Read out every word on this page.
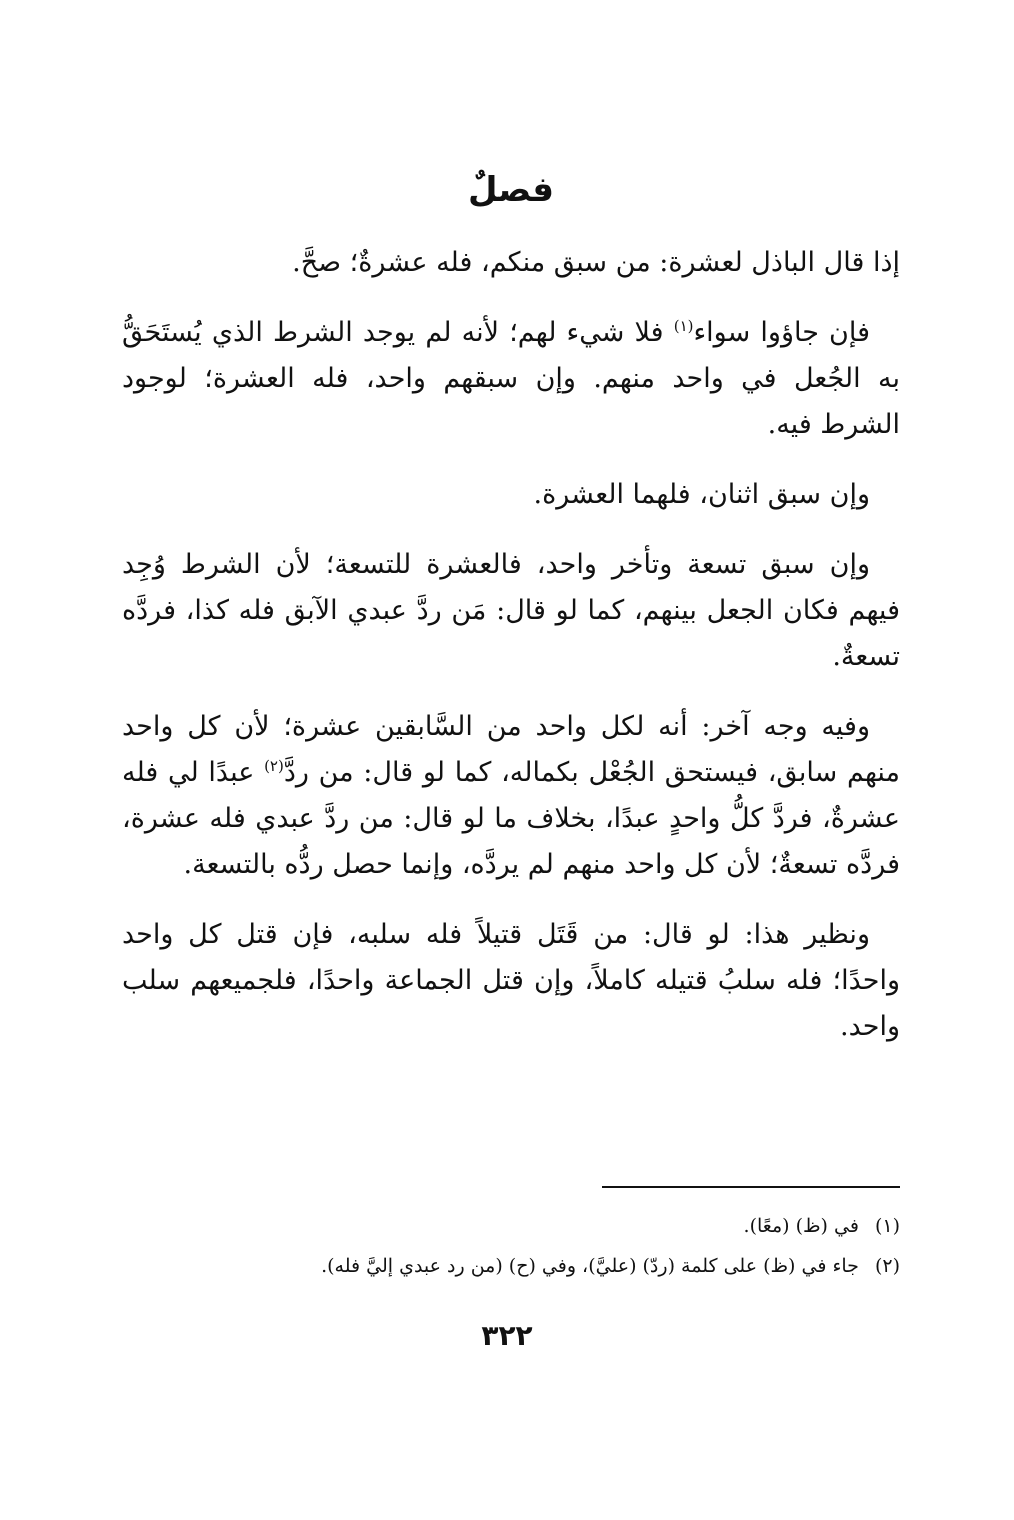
فصلٌ

إذا قال الباذل لعشرة: من سبق منكم، فله عشرةٌ؛ صحَّ.

فإن جاؤوا سواء$^{(١)}$ فلا شيء لهم؛ لأنه لم يوجد الشرط الذي يُستَحَقُّ به الجُعل في واحد منهم. وإن سبقهم واحد، فله العشرة؛ لوجود الشرط فيه.

وإن سبق اثنان، فلهما العشرة.

وإن سبق تسعة وتأخر واحد، فالعشرة للتسعة؛ لأن الشرط وُجِد فيهم فكان الجعل بينهم، كما لو قال: مَن ردَّ عبدي الآبق فله كذا، فردَّه تسعةٌ.

وفيه وجه آخر: أنه لكل واحد من السَّابقين عشرة؛ لأن كل واحد منهم سابق، فيستحق الجُعْل بكماله، كما لو قال: من ردَّ$^{(٢)}$ عبدًا لي فله عشرةٌ، فردَّ كلُّ واحدٍ عبدًا، بخلاف ما لو قال: من ردَّ عبدي فله عشرة، فردَّه تسعةٌ؛ لأن كل واحد منهم لم يردَّه، وإنما حصل ردُّه بالتسعة.

ونظير هذا: لو قال: من قَتَل قتيلاً فله سلبه، فإن قتل كل واحد واحدًا؛ فله سلبُ قتيله كاملاً، وإن قتل الجماعة واحدًا، فلجميعهم سلب واحد.

(١)في (ظ) (معًا).
(٢)جاء في (ظ) على كلمة (ردّ) (عليَّ)، وفي (ح) (من رد عبدي إليَّ فله).
٣٢٢
